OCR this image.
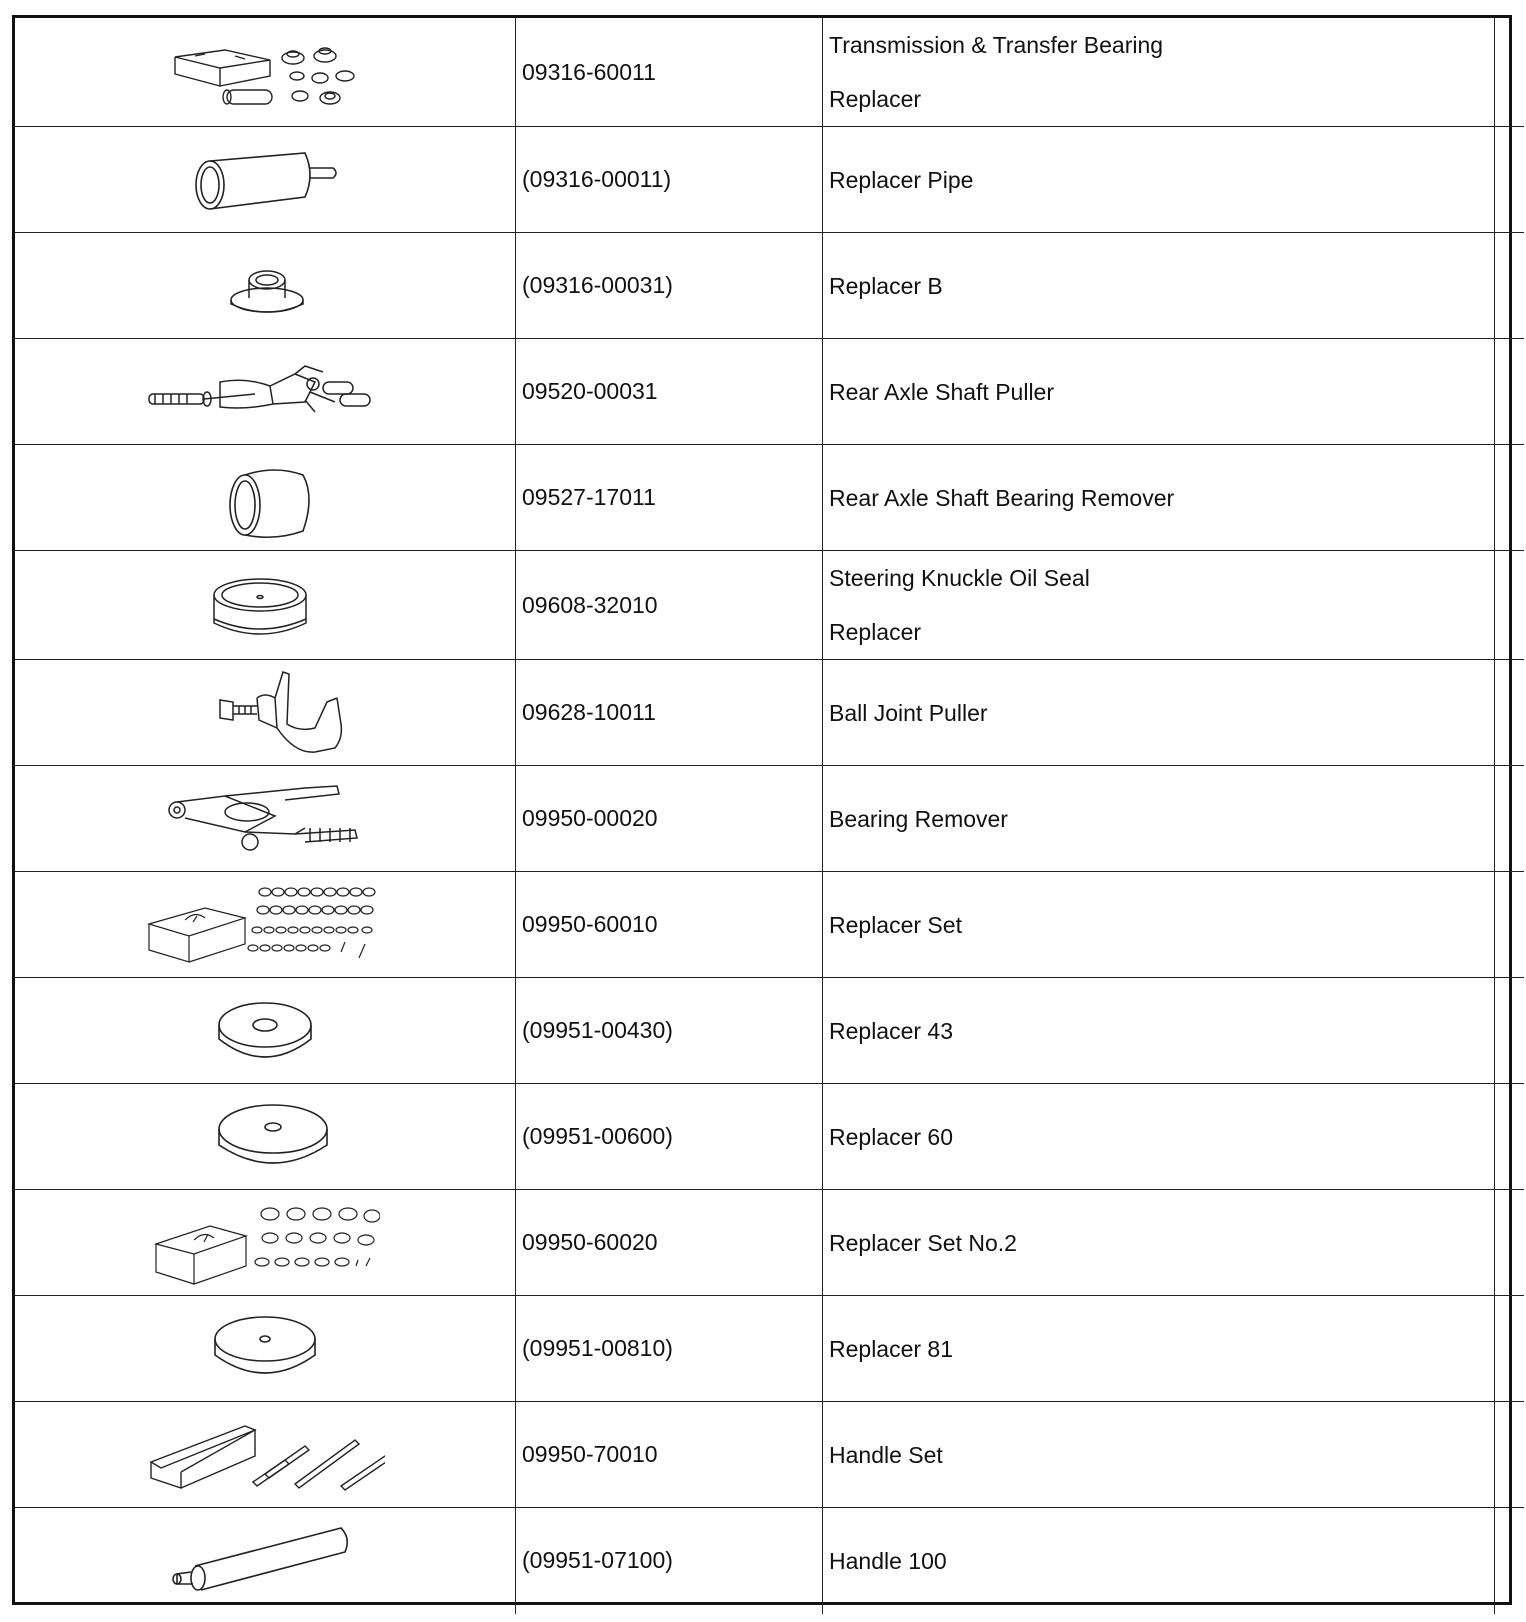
	09316-60011	Transmission & Transfer Bearing
Replacer	

	(09316-00011)	Replacer Pipe	

	(09316-00031)	Replacer B	

	09520-00031	Rear Axle Shaft Puller	

	09527-17011	Rear Axle Shaft Bearing Remover	

	09608-32010	Steering Knuckle Oil Seal
Replacer	

	09628-10011	Ball Joint Puller	

	09950-00020	Bearing Remover	

	09950-60010	Replacer Set	

	(09951-00430)	Replacer 43	

	(09951-00600)	Replacer 60	

	09950-60020	Replacer Set No.2	

	(09951-00810)	Replacer 81	

	09950-70010	Handle Set	

	(09951-07100)	Handle 100	
